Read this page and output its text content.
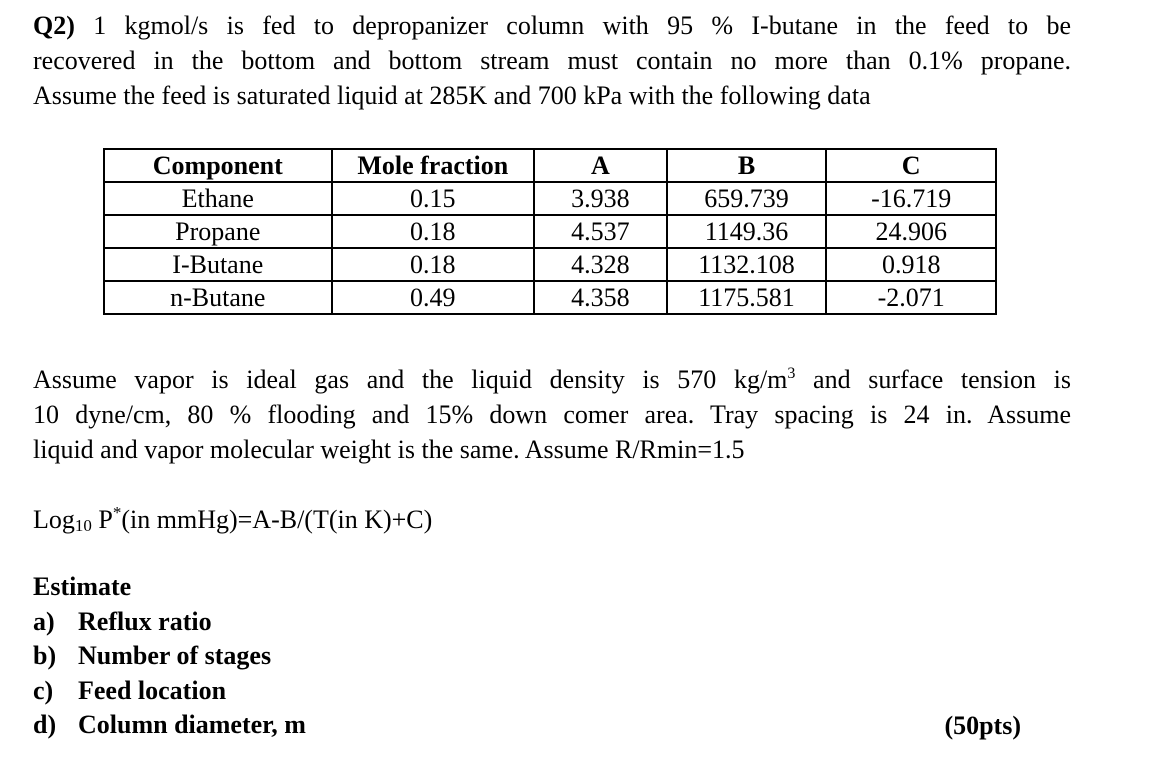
Q2) 1 kgmol/s is fed to depropanizer column with 95 % I-butane in the feed to be
recovered in the bottom and bottom stream must contain no more than 0.1% propane.
Assume the feed is saturated liquid at 285K and 700 kPa with the following data
Component	Mole fraction	A	B	C
Ethane	0.15	3.938	659.739	-16.719
Propane	0.18	4.537	1149.36	24.906
I-Butane	0.18	4.328	1132.108	0.918
n-Butane	0.49	4.358	1175.581	-2.071
Assume vapor is ideal gas and the liquid density is 570 $kg/m^3$ and surface tension is
10 dyne/cm, 80 % flooding and 15% down comer area. Tray spacing is 24 in. Assume
liquid and vapor molecular weight is the same. Assume R/Rmin=1.5
Log$_{10}$ P*(in mmHg)=A-B/(T(in K)+C)
Estimate
a) Reflux ratio
b) Number of stages
c) Feed location
d) Column diameter, m	(50pts)
